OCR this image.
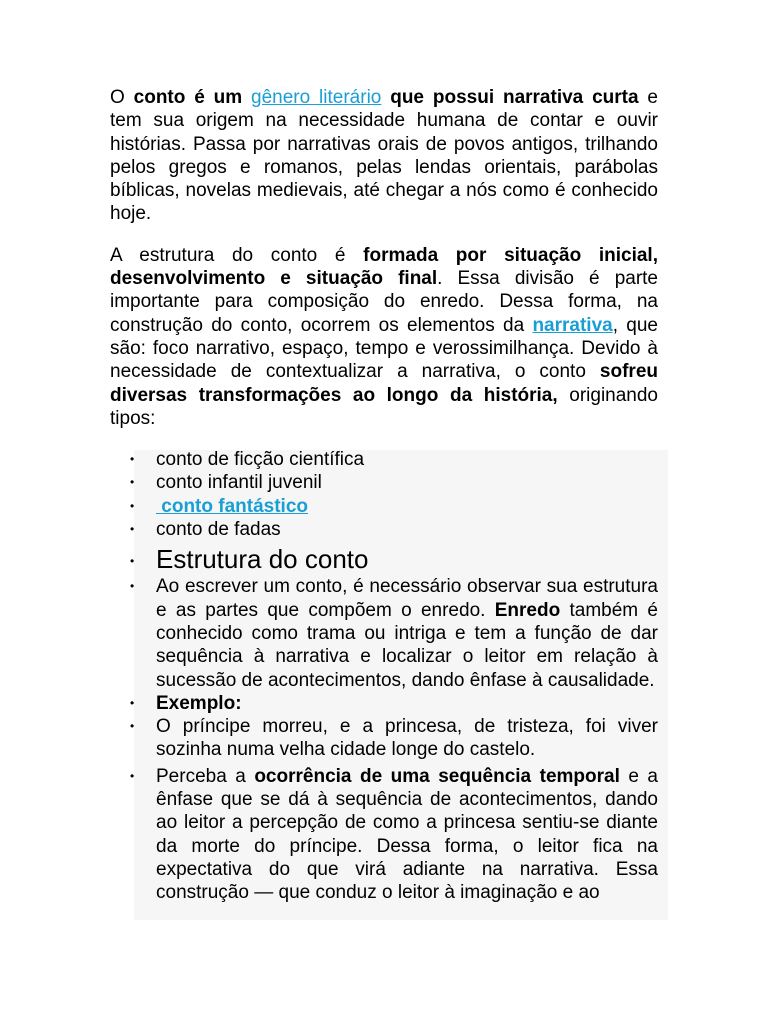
O conto é um gênero literário que possui narrativa curta e tem sua origem na necessidade humana de contar e ouvir histórias. Passa por narrativas orais de povos antigos, trilhando pelos gregos e romanos, pelas lendas orientais, parábolas bíblicas, novelas medievais, até chegar a nós como é conhecido hoje.

A estrutura do conto é formada por situação inicial, desenvolvimento e situação final. Essa divisão é parte importante para composição do enredo. Dessa forma, na construção do conto, ocorrem os elementos da narrativa, que são: foco narrativo, espaço, tempo e verossimilhança. Devido à necessidade de contextualizar a narrativa, o conto sofreu diversas transformações ao longo da história, originando tipos:

• conto de ficção científica
• conto infantil juvenil
• conto fantástico
• conto de fadas
• Estrutura do conto
• Ao escrever um conto, é necessário observar sua estrutura e as partes que compõem o enredo. Enredo também é conhecido como trama ou intriga e tem a função de dar sequência à narrativa e localizar o leitor em relação à sucessão de acontecimentos, dando ênfase à causalidade.
• Exemplo:
• O príncipe morreu, e a princesa, de tristeza, foi viver sozinha numa velha cidade longe do castelo.
• Perceba a ocorrência de uma sequência temporal e a ênfase que se dá à sequência de acontecimentos, dando ao leitor a percepção de como a princesa sentiu-se diante da morte do príncipe. Dessa forma, o leitor fica na expectativa do que virá adiante na narrativa. Essa construção — que conduz o leitor à imaginação e ao
